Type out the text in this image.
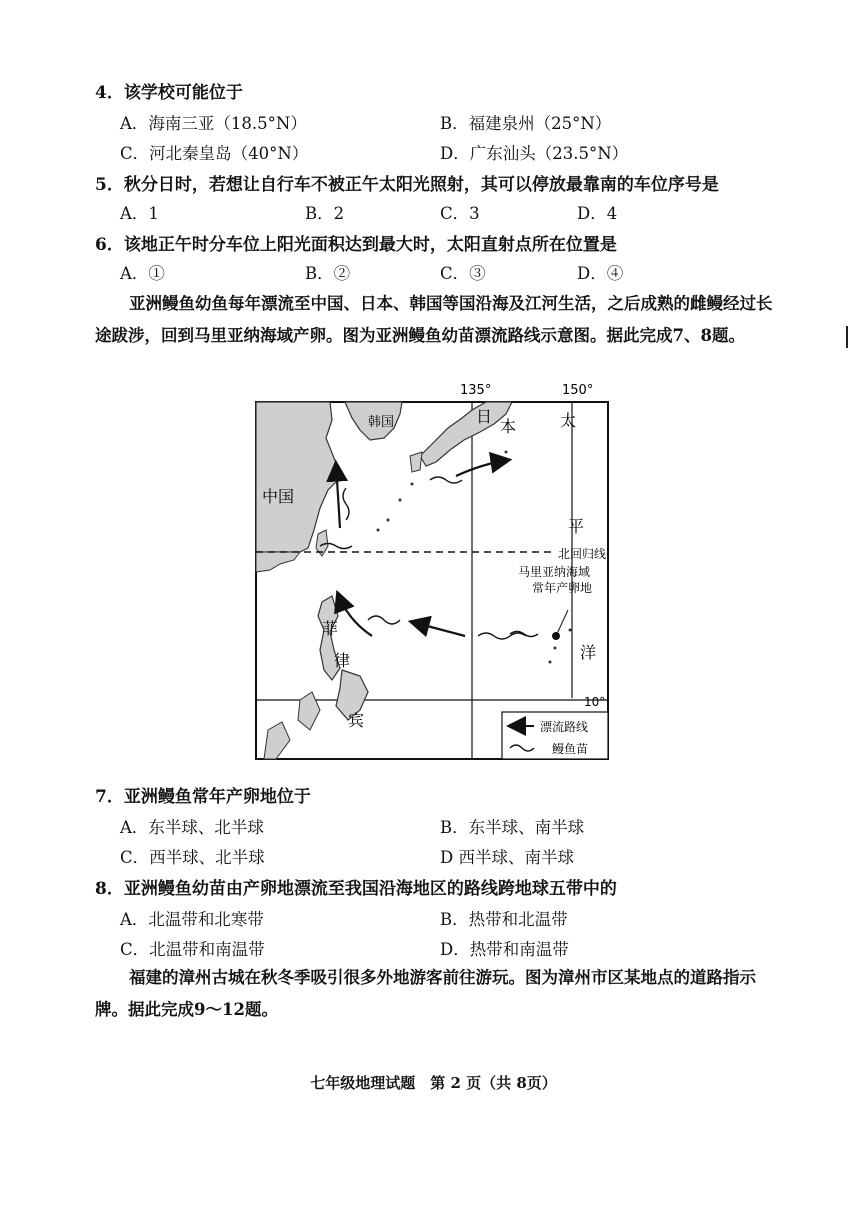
4．该学校可能位于
A．海南三亚（18.5°N）	B．福建泉州（25°N）
C．河北秦皇岛（40°N）	D．广东汕头（23.5°N）
5．秋分日时，若想让自行车不被正午太阳光照射，其可以停放最靠南的车位序号是
A．1	B．2	C．3	D．4
6．该地正午时分车位上阳光面积达到最大时，太阳直射点所在位置是
A．①	B．②	C．③	D．④
亚洲鳗鱼幼鱼每年漂流至中国、日本、韩国等国沿海及江河生活，之后成熟的雌鳗经过长途跋涉，回到马里亚纳海域产卵。图为亚洲鳗鱼幼苗漂流路线示意图。据此完成7、8题。
135°	150°
10°
中国
韩国	日
本
菲
律
宾
太
平
洋
北回归线
马里亚纳海域
常年产卵地
漂流路线
鳗鱼苗
7．亚洲鳗鱼常年产卵地位于
A．东半球、北半球	B．东半球、南半球
C．西半球、北半球	D 西半球、南半球
8．亚洲鳗鱼幼苗由产卵地漂流至我国沿海地区的路线跨地球五带中的
A．北温带和北寒带	B．热带和北温带
C．北温带和南温带	D．热带和南温带
福建的漳州古城在秋冬季吸引很多外地游客前往游玩。图为漳州市区某地点的道路指示牌。据此完成9～12题。
七年级地理试题　第 2 页（共 8页）
